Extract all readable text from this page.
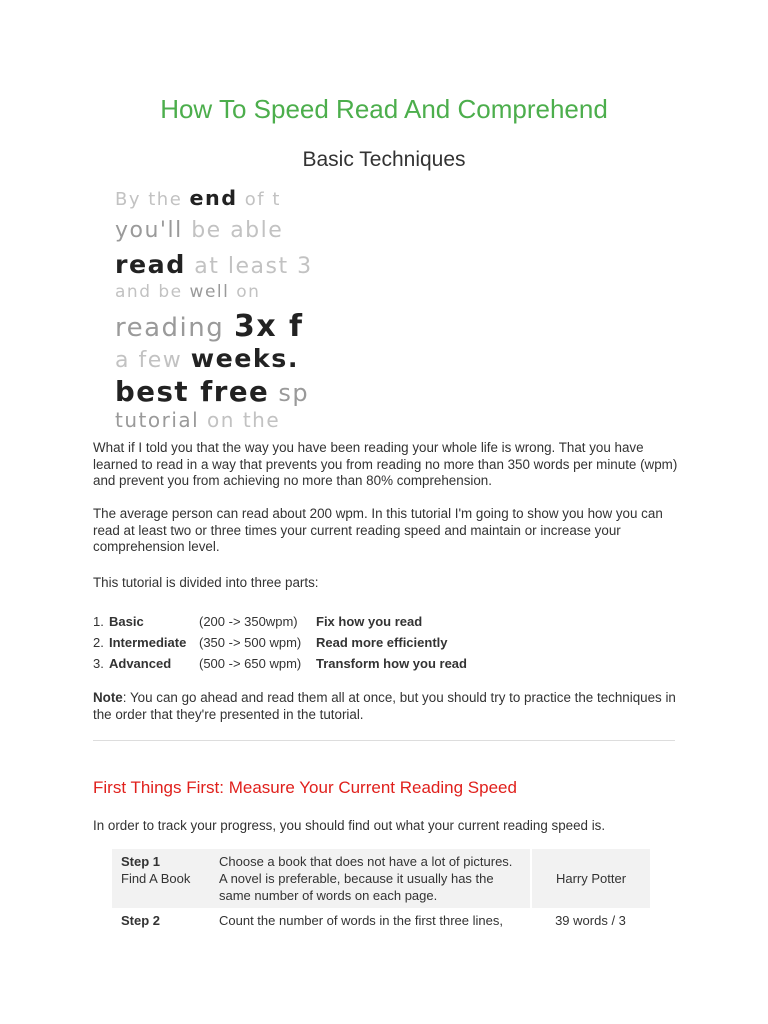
How To Speed Read And Comprehend
Basic Techniques
By the end of t
you'll be able
read at least 3
and be well on
reading 3x f
a few weeks.
best free sp
tutorial on the

What if I told you that the way you have been reading your whole life is wrong. That you have learned to read in a way that prevents you from reading no more than 350 words per minute (wpm) and prevent you from achieving no more than 80% comprehension.

The average person can read about 200 wpm. In this tutorial I'm going to show you how you can read at least two or three times your current reading speed and maintain or increase your comprehension level.

This tutorial is divided into three parts:

1. Basic	(200 -> 350wpm)	Fix how you read
2. Intermediate (350 -> 500 wpm)	Read more efficiently
3. Advanced	(500 -> 650 wpm)	Transform how you read

Note: You can go ahead and read them all at once, but you should try to practice the techniques in the order that they're presented in the tutorial.

First Things First: Measure Your Current Reading Speed

In order to track your progress, you should find out what your current reading speed is.

Step 1
Find A Book	Choose a book that does not have a lot of pictures. A novel is preferable, because it usually has the same number of words on each page.	Harry Potter

Step 2	Count the number of words in the first three lines,	39 words / 3
